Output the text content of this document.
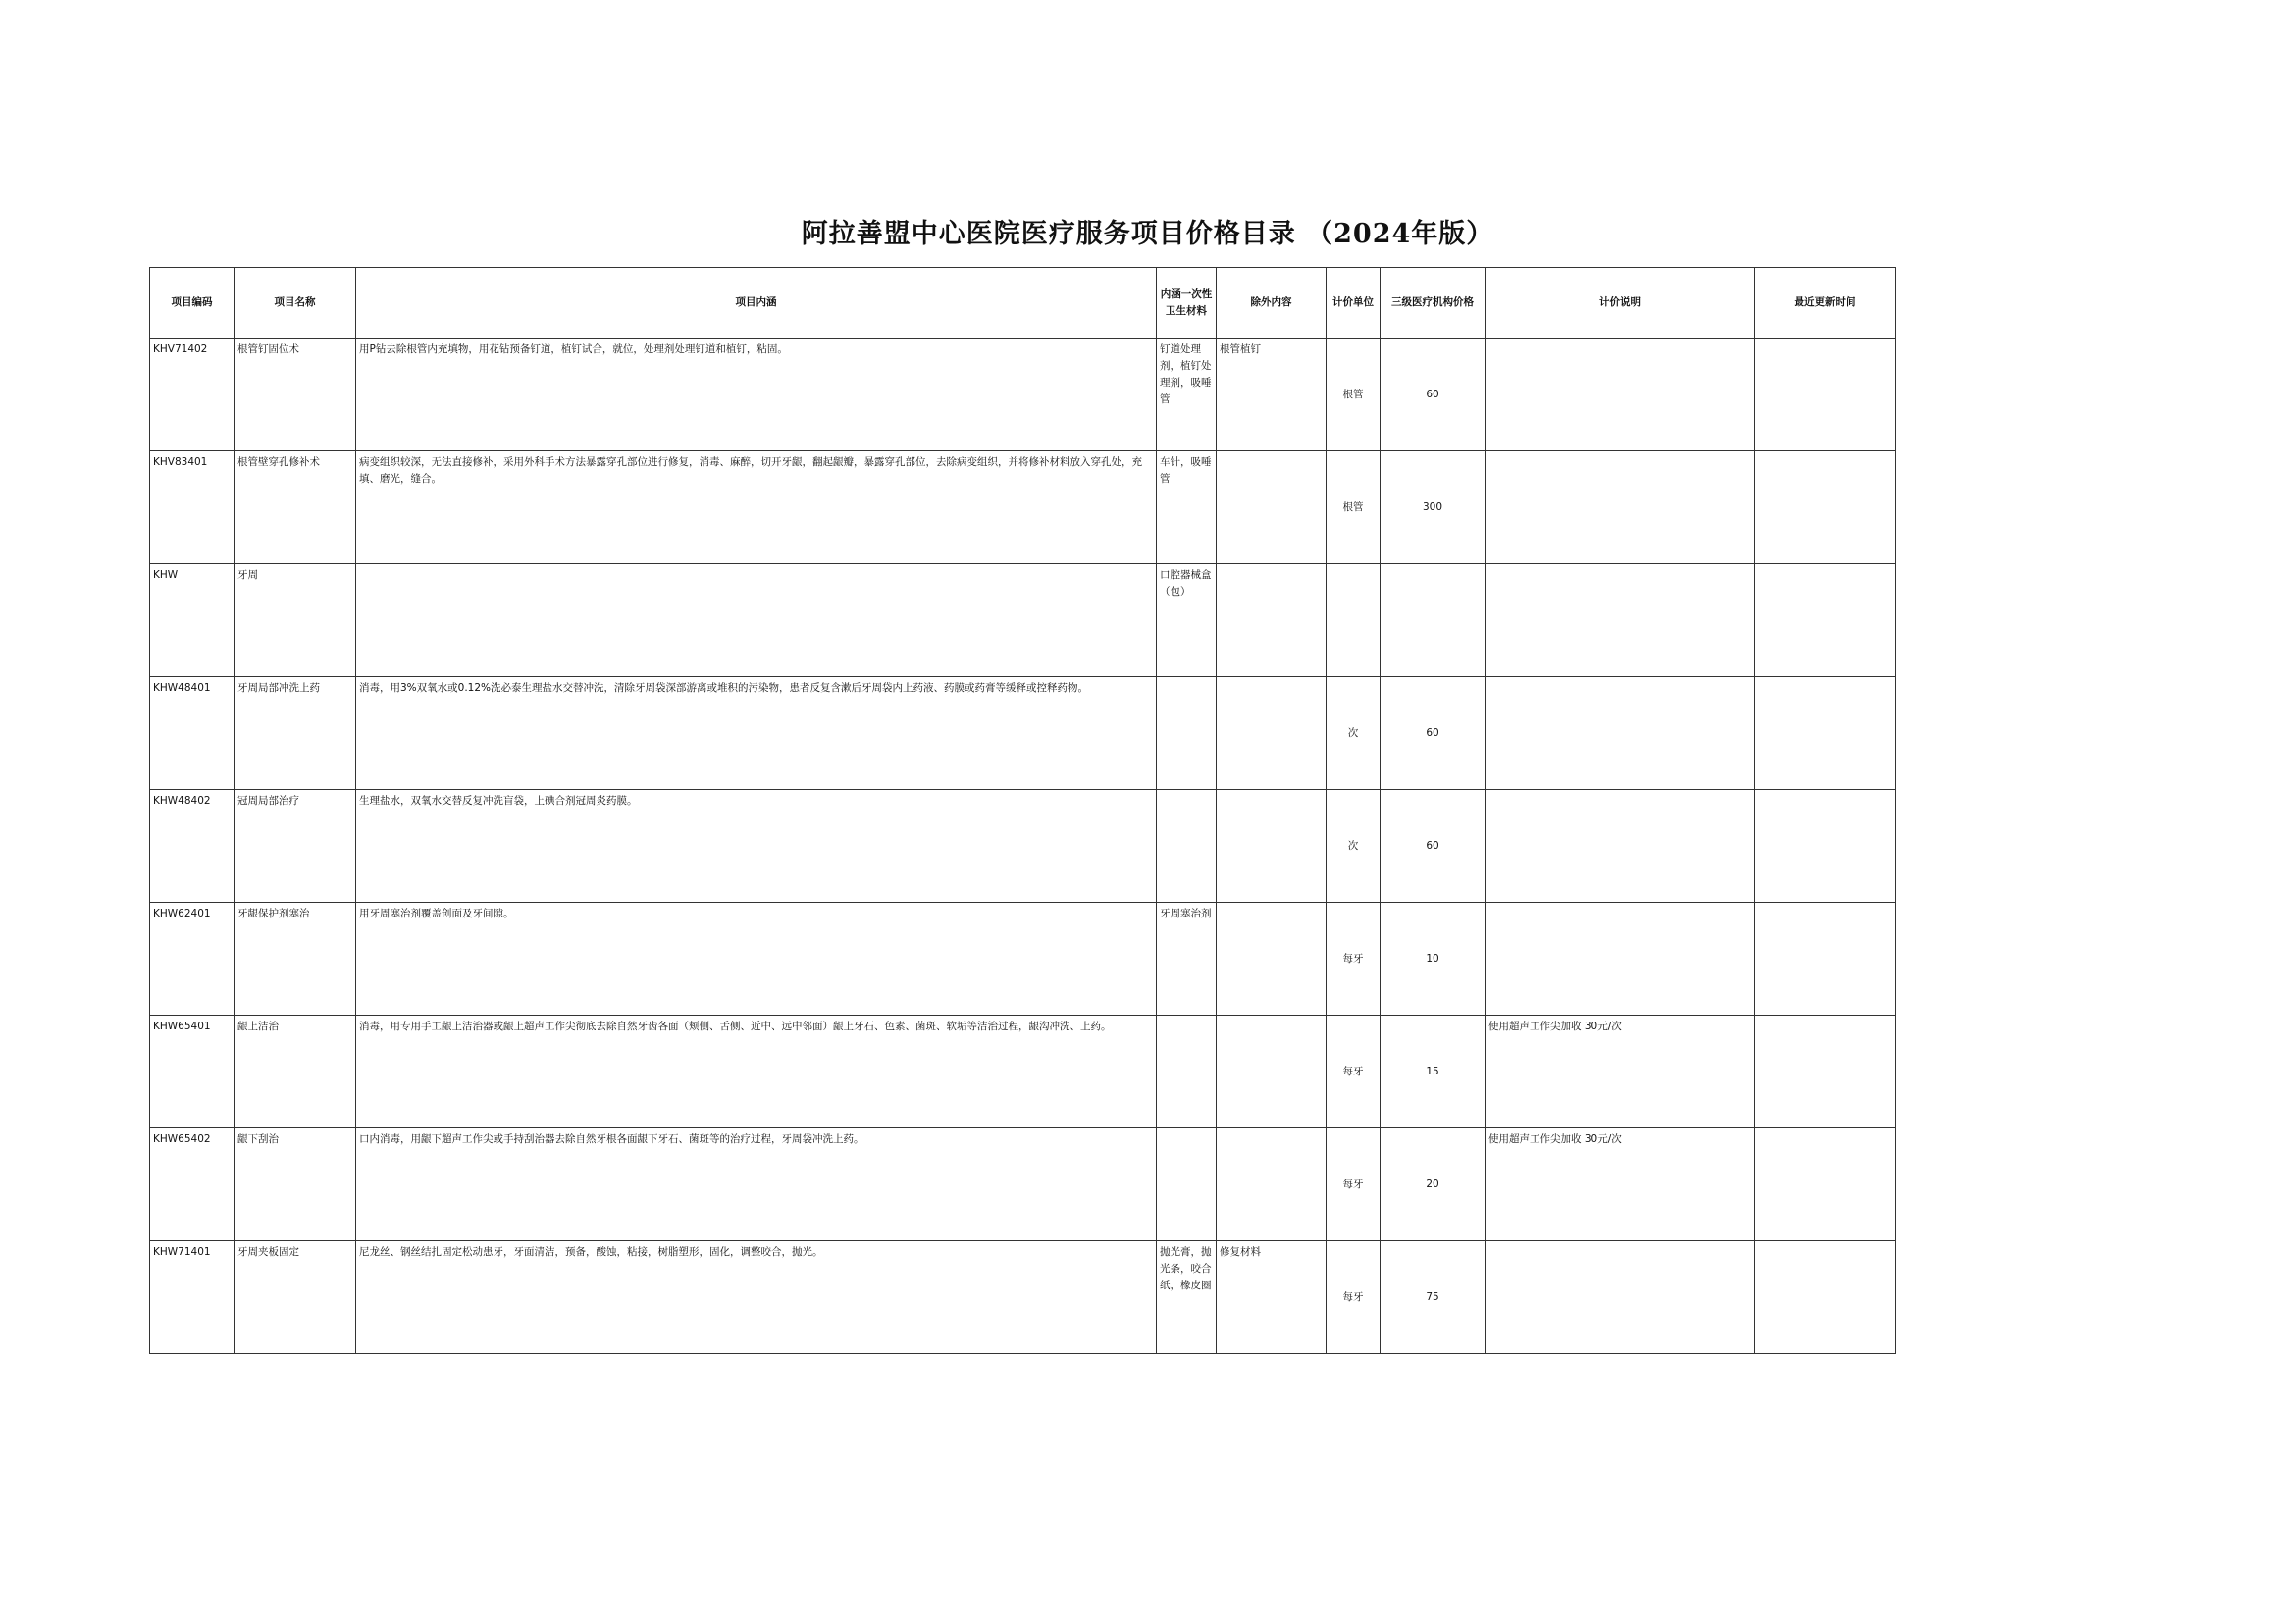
阿拉善盟中心医院医疗服务项目价格目录 （2024年版）
项目编码	项目名称	项目内涵	内涵一次性卫生材料	除外内容	计价单位	三级医疗机构价格	计价说明	最近更新时间
KHV71402	根管钉固位术	用P钻去除根管内充填物，用花钻预备钉道，植钉试合，就位，处理剂处理钉道和植钉，粘固。	钉道处理剂，植钉处理剂，吸唾管	根管植钉	根管	60		
KHV83401	根管壁穿孔修补术	病变组织较深，无法直接修补，采用外科手术方法暴露穿孔部位进行修复，消毒、麻醉，切开牙龈，翻起龈瓣，暴露穿孔部位，去除病变组织，并将修补材料放入穿孔处，充填、磨光，缝合。	车针，吸唾管		根管	300		
KHW	牙周		口腔器械盒（包）					
KHW48401	牙周局部冲洗上药	消毒，用3%双氧水或0.12%洗必泰生理盐水交替冲洗，清除牙周袋深部游离或堆积的污染物，患者反复含漱后牙周袋内上药液、药膜或药膏等缓释或控释药物。			次	60		
KHW48402	冠周局部治疗	生理盐水，双氧水交替反复冲洗盲袋，上碘合剂冠周炎药膜。			次	60		
KHW62401	牙龈保护剂塞治	用牙周塞治剂覆盖创面及牙间隙。	牙周塞治剂		每牙	10		
KHW65401	龈上洁治	消毒，用专用手工龈上洁治器或龈上超声工作尖彻底去除自然牙齿各面（颊侧、舌侧、近中、远中邻面）龈上牙石、色素、菌斑、软垢等洁治过程，龈沟冲洗、上药。			每牙	15	使用超声工作尖加收 30元/次	
KHW65402	龈下刮治	口内消毒，用龈下超声工作尖或手持刮治器去除自然牙根各面龈下牙石、菌斑等的治疗过程，牙周袋冲洗上药。			每牙	20	使用超声工作尖加收 30元/次	
KHW71401	牙周夹板固定	尼龙丝、钢丝结扎固定松动患牙，牙面清洁，预备，酸蚀，粘接，树脂塑形，固化，调整咬合，抛光。	抛光膏，抛光条，咬合纸，橡皮圈	修复材料	每牙	75		
